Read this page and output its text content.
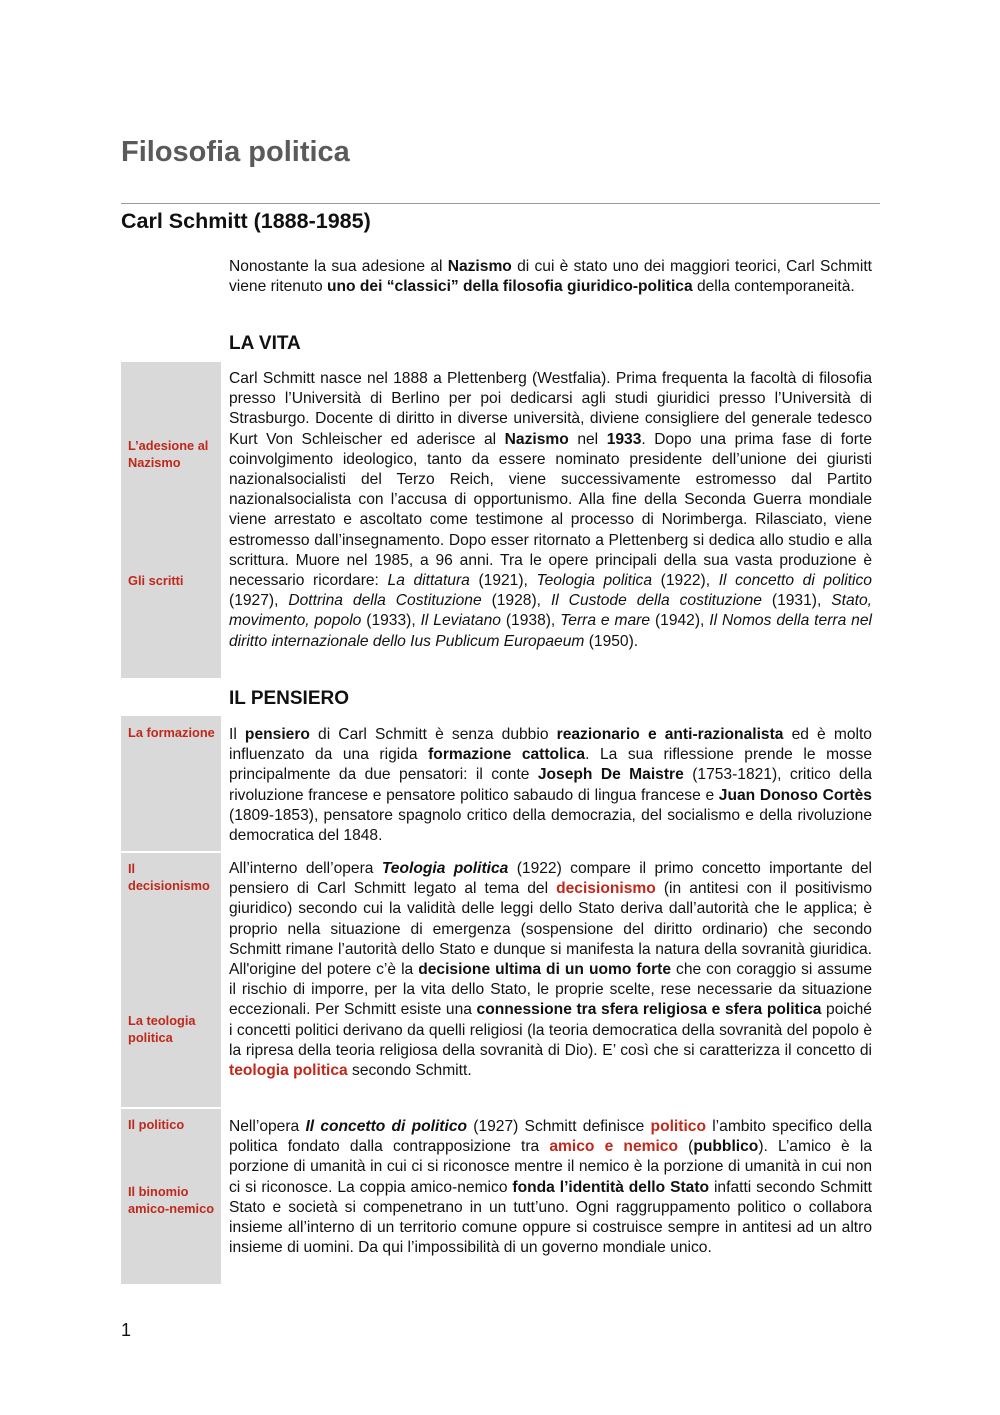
Filosofia politica
Carl Schmitt (1888-1985)

Nonostante la sua adesione al Nazismo di cui è stato uno dei maggiori teorici, Carl Schmitt viene ritenuto uno dei “classici” della filosofia giuridico-politica della contemporaneità.

LA VITA
L’adesione al Nazismo
Gli scritti

Carl Schmitt nasce nel 1888 a Plettenberg (Westfalia). Prima frequenta la facoltà di filosofia presso l’Università di Berlino per poi dedicarsi agli studi giuridici presso l’Università di Strasburgo. Docente di diritto in diverse università, diviene consigliere del generale tedesco Kurt Von Schleischer ed aderisce al Nazismo nel 1933. Dopo una prima fase di forte coinvolgimento ideologico, tanto da essere nominato presidente dell’unione dei giuristi nazionalsocialisti del Terzo Reich, viene successivamente estromesso dal Partito nazionalsocialista con l’accusa di opportunismo. Alla fine della Seconda Guerra mondiale viene arrestato e ascoltato come testimone al processo di Norimberga. Rilasciato, viene estromesso dall’insegnamento. Dopo esser ritornato a Plettenberg si dedica allo studio e alla scrittura. Muore nel 1985, a 96 anni. Tra le opere principali della sua vasta produzione è necessario ricordare: La dittatura (1921), Teologia politica (1922), Il concetto di politico (1927), Dottrina della Costituzione (1928), Il Custode della costituzione (1931), Stato, movimento, popolo (1933), Il Leviatano (1938), Terra e mare (1942), Il Nomos della terra nel diritto internazionale dello Ius Publicum Europaeum (1950).

IL PENSIERO
La formazione Il pensiero di Carl Schmitt è senza dubbio reazionario e anti-razionalista ed è molto influenzato da una rigida formazione cattolica. La sua riflessione prende le mosse principalmente da due pensatori: il conte Joseph De Maistre (1753-1821), critico della rivoluzione francese e pensatore politico sabaudo di lingua francese e Juan Donoso Cortès (1809-1853), pensatore spagnolo critico della democrazia, del socialismo e della rivoluzione democratica del 1848.

Il decisionismo
La teologia politica

All’interno dell’opera Teologia politica (1922) compare il primo concetto importante del pensiero di Carl Schmitt legato al tema del decisionismo (in antitesi con il positivismo giuridico) secondo cui la validità delle leggi dello Stato deriva dall’autorità che le applica; è proprio nella situazione di emergenza (sospensione del diritto ordinario) che secondo Schmitt rimane l’autorità dello Stato e dunque si manifesta la natura della sovranità giuridica. All'origine del potere c’è la decisione ultima di un uomo forte che con coraggio si assume il rischio di imporre, per la vita dello Stato, le proprie scelte, rese necessarie da situazione eccezionali. Per Schmitt esiste una connessione tra sfera religiosa e sfera politica poiché i concetti politici derivano da quelli religiosi (la teoria democratica della sovranità del popolo è la ripresa della teoria religiosa della sovranità di Dio). E’ così che si caratterizza il concetto di teologia politica secondo Schmitt.

Il politico
Il binomio amico-nemico

Nell’opera Il concetto di politico (1927) Schmitt definisce politico l’ambito specifico della politica fondato dalla contrapposizione tra amico e nemico (pubblico). L’amico è la porzione di umanità in cui ci si riconosce mentre il nemico è la porzione di umanità in cui non ci si riconosce. La coppia amico-nemico fonda l’identità dello Stato infatti secondo Schmitt Stato e società si compenetrano in un tutt’uno. Ogni raggruppamento politico o collabora insieme all’interno di un territorio comune oppure si costruisce sempre in antitesi ad un altro insieme di uomini. Da qui l’impossibilità di un governo mondiale unico.

1
